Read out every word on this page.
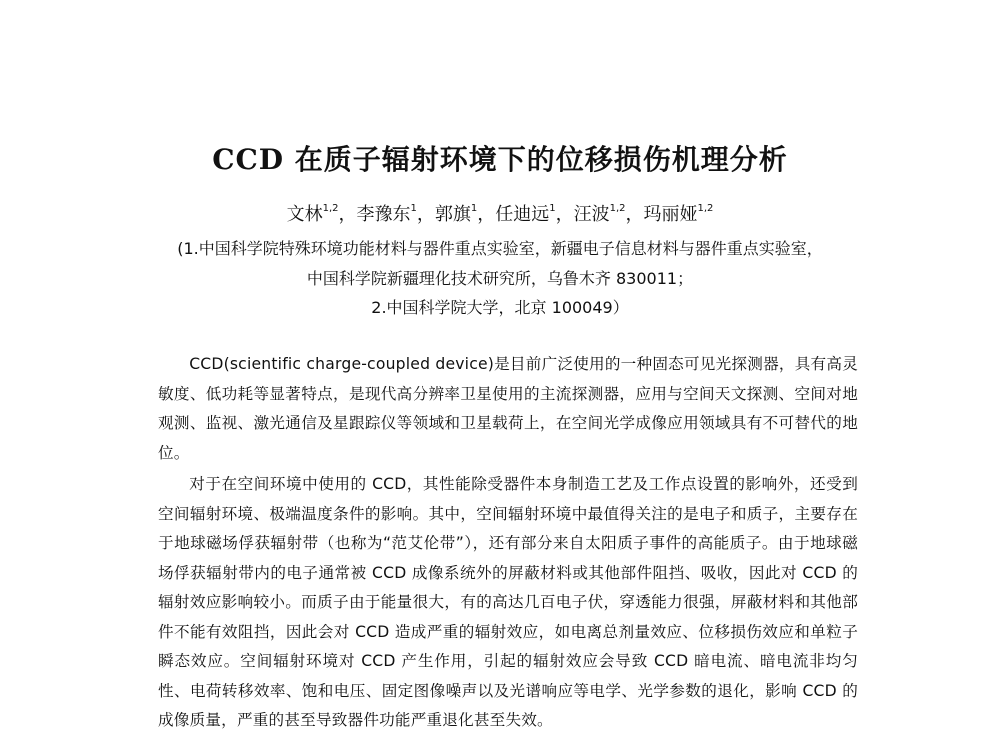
CCD 在质子辐射环境下的位移损伤机理分析
文林$^{1,2}$，李豫东$^1$，郭旗$^1$，任迪远$^1$，汪波$^{1,2}$，玛丽娅$^{1,2}$
(1.中国科学院特殊环境功能材料与器件重点实验室，新疆电子信息材料与器件重点实验室，
中国科学院新疆理化技术研究所，乌鲁木齐 830011；
2.中国科学院大学，北京 100049）

CCD(scientific charge-coupled device)是目前广泛使用的一种固态可见光探测器，具有高灵敏度、低功耗等显著特点，是现代高分辨率卫星使用的主流探测器，应用与空间天文探测、空间对地观测、监视、激光通信及星跟踪仪等领域和卫星载荷上，在空间光学成像应用领域具有不可替代的地位。

对于在空间环境中使用的 CCD，其性能除受器件本身制造工艺及工作点设置的影响外，还受到空间辐射环境、极端温度条件的影响。其中，空间辐射环境中最值得关注的是电子和质子，主要存在于地球磁场俘获辐射带（也称为“范艾伦带”），还有部分来自太阳质子事件的高能质子。由于地球磁场俘获辐射带内的电子通常被 CCD 成像系统外的屏蔽材料或其他部件阻挡、吸收，因此对 CCD 的辐射效应影响较小。而质子由于能量很大，有的高达几百电子伏，穿透能力很强，屏蔽材料和其他部件不能有效阻挡，因此会对 CCD 造成严重的辐射效应，如电离总剂量效应、位移损伤效应和单粒子瞬态效应。空间辐射环境对 CCD 产生作用，引起的辐射效应会导致 CCD 暗电流、暗电流非均匀性、电荷转移效率、饱和电压、固定图像噪声以及光谱响应等电学、光学参数的退化，影响 CCD 的成像质量，严重的甚至导致器件功能严重退化甚至失效。
